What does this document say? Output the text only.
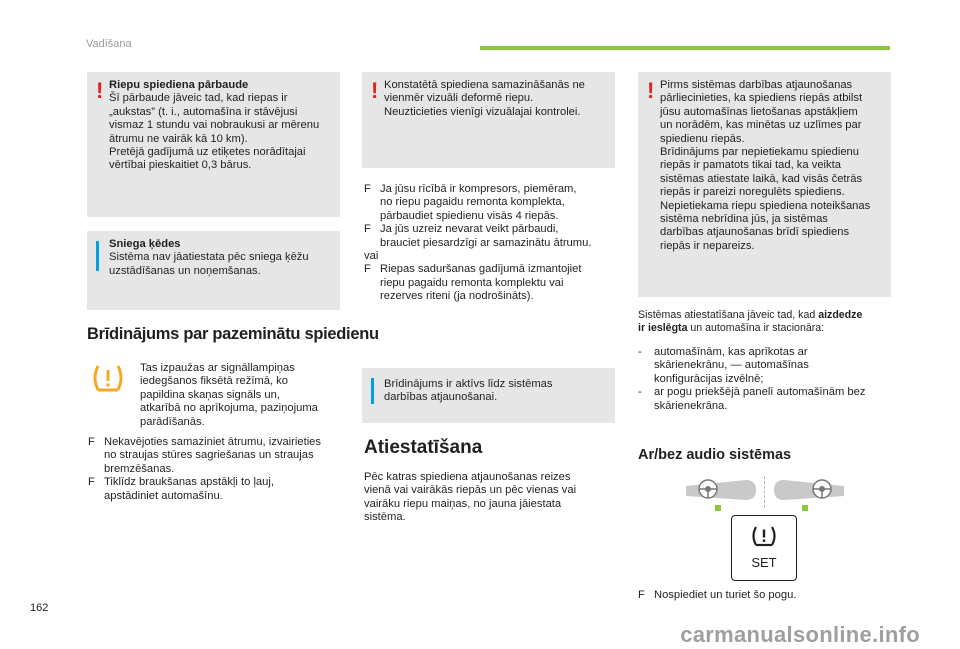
Vadīšana
! Riepu spiediena pārbaude

Šī pārbaude jāveic tad, kad riepas ir

„aukstas” (t. i., automašīna ir stāvējusi

vismaz 1 stundu vai nobraukusi ar mērenu

ātrumu ne vairāk kā 10 km).

Pretējā gadījumā uz etiķetes norādītajai

vērtībai pieskaitiet 0,3 bārus.

Sniega ķēdes

Sistēma nav jāatiestata pēc sniega ķēžu

uzstādīšanas un noņemšanas.

Brīdinājums par pazeminātu spiedienu

Tas izpaužas ar signāllampiņas

iedegšanos fiksētā režīmā, ko

papildina skaņas signāls un,

atkarībā no aprīkojuma, paziņojuma

parādīšanās.

F Nekavējoties samaziniet ātrumu, izvairieties

no straujas stūres sagriešanas un straujas

bremzēšanas.

F Tiklīdz braukšanas apstākļi to ļauj,

apstādiniet automašīnu.

! Konstatētā spiediena samazināšanās ne

vienmēr vizuāli deformē riepu.

Neuzticieties vienīgi vizuālajai kontrolei.

F Ja jūsu rīcībā ir kompresors, piemēram,

no riepu pagaidu remonta komplekta,

pārbaudiet spiedienu visās 4 riepās.

F Ja jūs uzreiz nevarat veikt pārbaudi,

brauciet piesardzīgi ar samazinātu ātrumu.

vai

F Riepas saduršanas gadījumā izmantojiet

riepu pagaidu remonta komplektu vai

rezerves riteni (ja nodrošināts).

Brīdinājums ir aktīvs līdz sistēmas

darbības atjaunošanai.

Atiestatīšana

Pēc katras spiediena atjaunošanas reizes

vienā vai vairākās riepās un pēc vienas vai

vairāku riepu maiņas, no jauna jāiestata

sistēma.

! Pirms sistēmas darbības atjaunošanas

pārliecinieties, ka spiediens riepās atbilst

jūsu automašīnas lietošanas apstākļiem

un norādēm, kas minētas uz uzlīmes par

spiedienu riepās.

Brīdinājums par nepietiekamu spiedienu

riepās ir pamatots tikai tad, ka veikta

sistēmas atiestate laikā, kad visās četrās

riepās ir pareizi noregulēts spiediens.

Nepietiekama riepu spiediena noteikšanas

sistēma nebrīdina jūs, ja sistēmas

darbības atjaunošanas brīdī spiediens

riepās ir nepareizs.

Sistēmas atiestatīšana jāveic tad, kad aizdedze
ir ieslēgta un automašīna ir stacionāra:
-	automašīnām, kas aprīkotas ar

skārienekrānu, — automašīnas

konfigurācijas izvēlnē;

-	ar pogu priekšējā panelī automašīnām bez

skārienekrāna.

Ar/bez audio sistēmas
SET
F Nospiediet un turiet šo pogu.
162
carmanualsonline.info
